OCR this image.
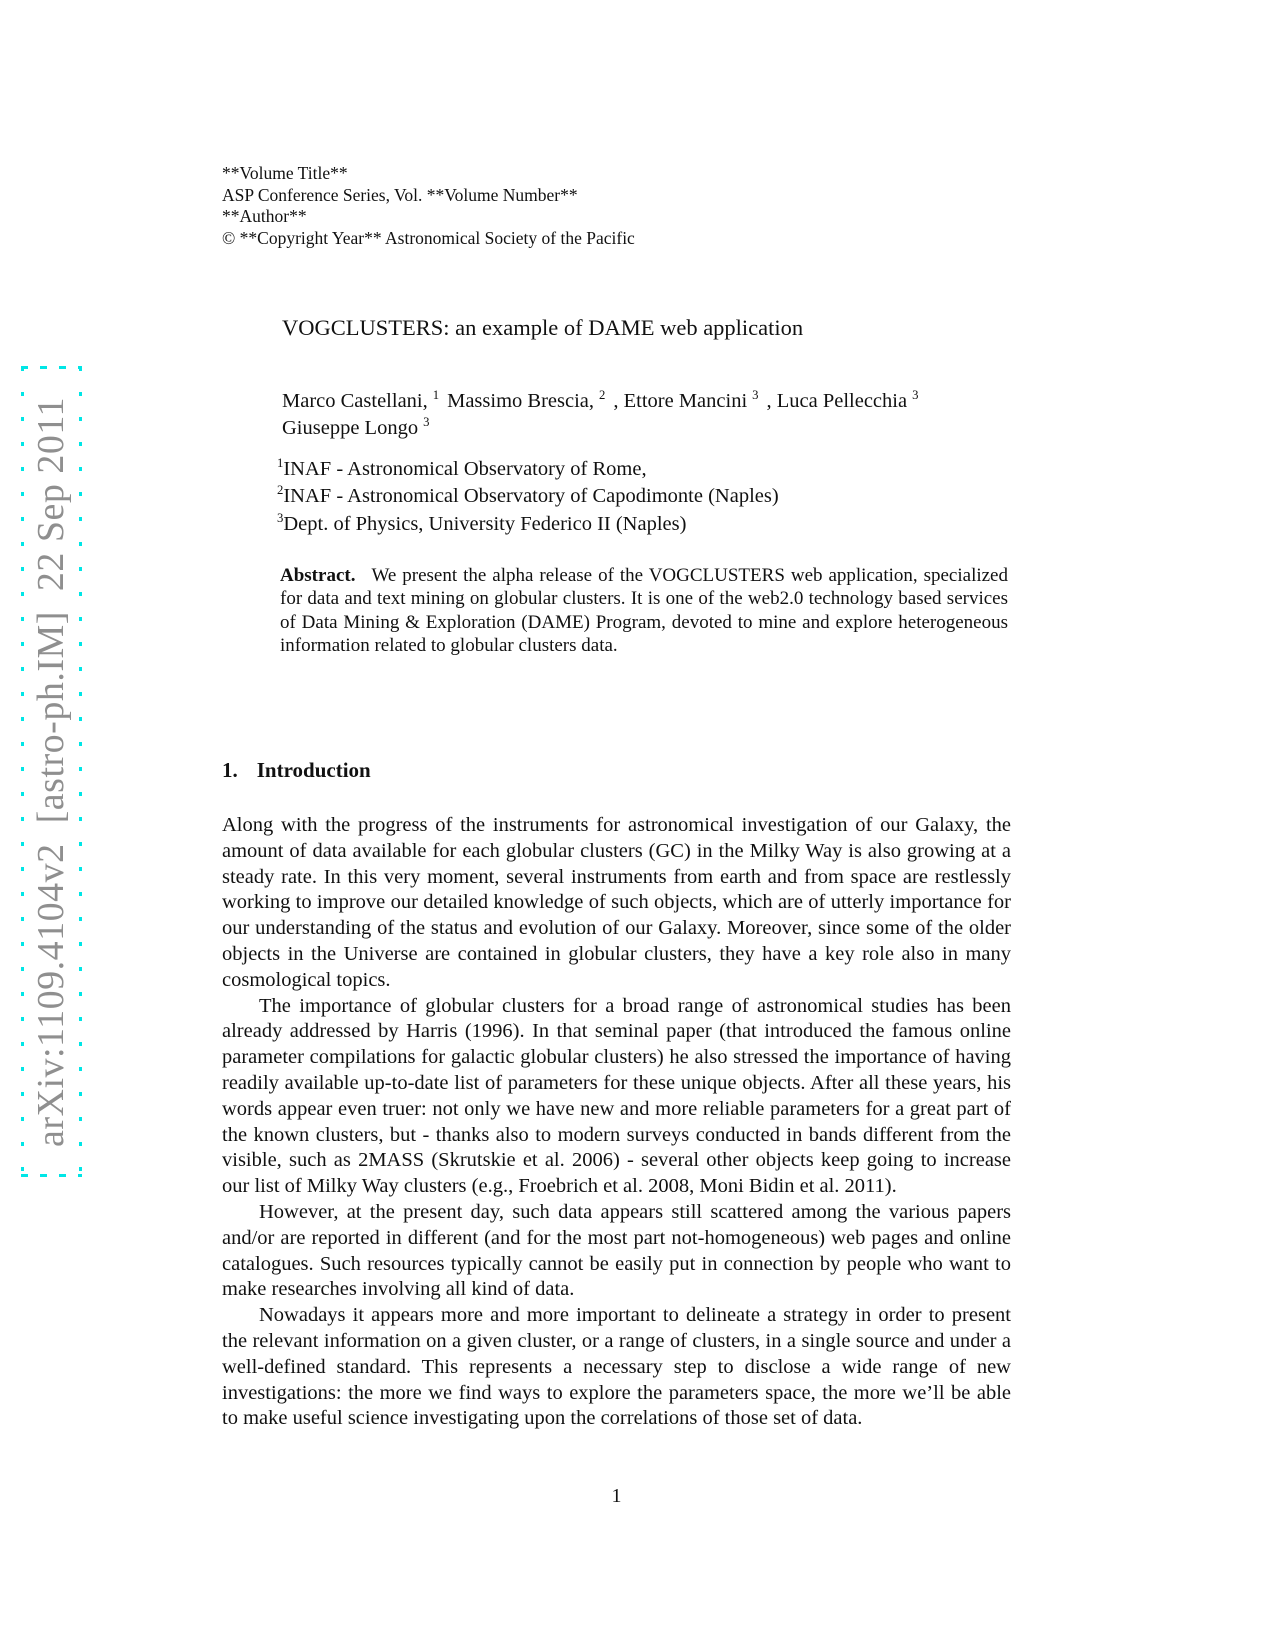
arXiv:1109.4104v2  [astro-ph.IM]  22 Sep 2011
**Volume Title**
ASP Conference Series, Vol. **Volume Number**
**Author**
© **Copyright Year** Astronomical Society of the Pacific
VOGCLUSTERS: an example of DAME web application
Marco Castellani, $^1$ Massimo Brescia, $^2$ , Ettore Mancini $^3$ , Luca Pellecchia $^3$
Giuseppe Longo $^3$
$^1$INAF - Astronomical Observatory of Rome,
$^2$INAF - Astronomical Observatory of Capodimonte (Naples)
$^3$Dept. of Physics, University Federico II (Naples)

Abstract. We present the alpha release of the VOGCLUSTERS web application, specialized for data and text mining on globular clusters. It is one of the web2.0 technology based services of Data Mining & Exploration (DAME) Program, devoted to mine and explore heterogeneous information related to globular clusters data.

1. Introduction

Along with the progress of the instruments for astronomical investigation of our Galaxy, the amount of data available for each globular clusters (GC) in the Milky Way is also growing at a steady rate. In this very moment, several instruments from earth and from space are restlessly working to improve our detailed knowledge of such objects, which are of utterly importance for our understanding of the status and evolution of our Galaxy. Moreover, since some of the older objects in the Universe are contained in globular clusters, they have a key role also in many cosmological topics.

The importance of globular clusters for a broad range of astronomical studies has been already addressed by Harris (1996). In that seminal paper (that introduced the famous online parameter compilations for galactic globular clusters) he also stressed the importance of having readily available up-to-date list of parameters for these unique objects. After all these years, his words appear even truer: not only we have new and more reliable parameters for a great part of the known clusters, but - thanks also to modern surveys conducted in bands different from the visible, such as 2MASS (Skrutskie et al. 2006) - several other objects keep going to increase our list of Milky Way clusters (e.g., Froebrich et al. 2008, Moni Bidin et al. 2011).

However, at the present day, such data appears still scattered among the various papers and/or are reported in different (and for the most part not-homogeneous) web pages and online catalogues. Such resources typically cannot be easily put in connection by people who want to make researches involving all kind of data.

Nowadays it appears more and more important to delineate a strategy in order to present the relevant information on a given cluster, or a range of clusters, in a single source and under a well-defined standard. This represents a necessary step to disclose a wide range of new investigations: the more we find ways to explore the parameters space, the more we’ll be able to make useful science investigating upon the correlations of those set of data.

1
